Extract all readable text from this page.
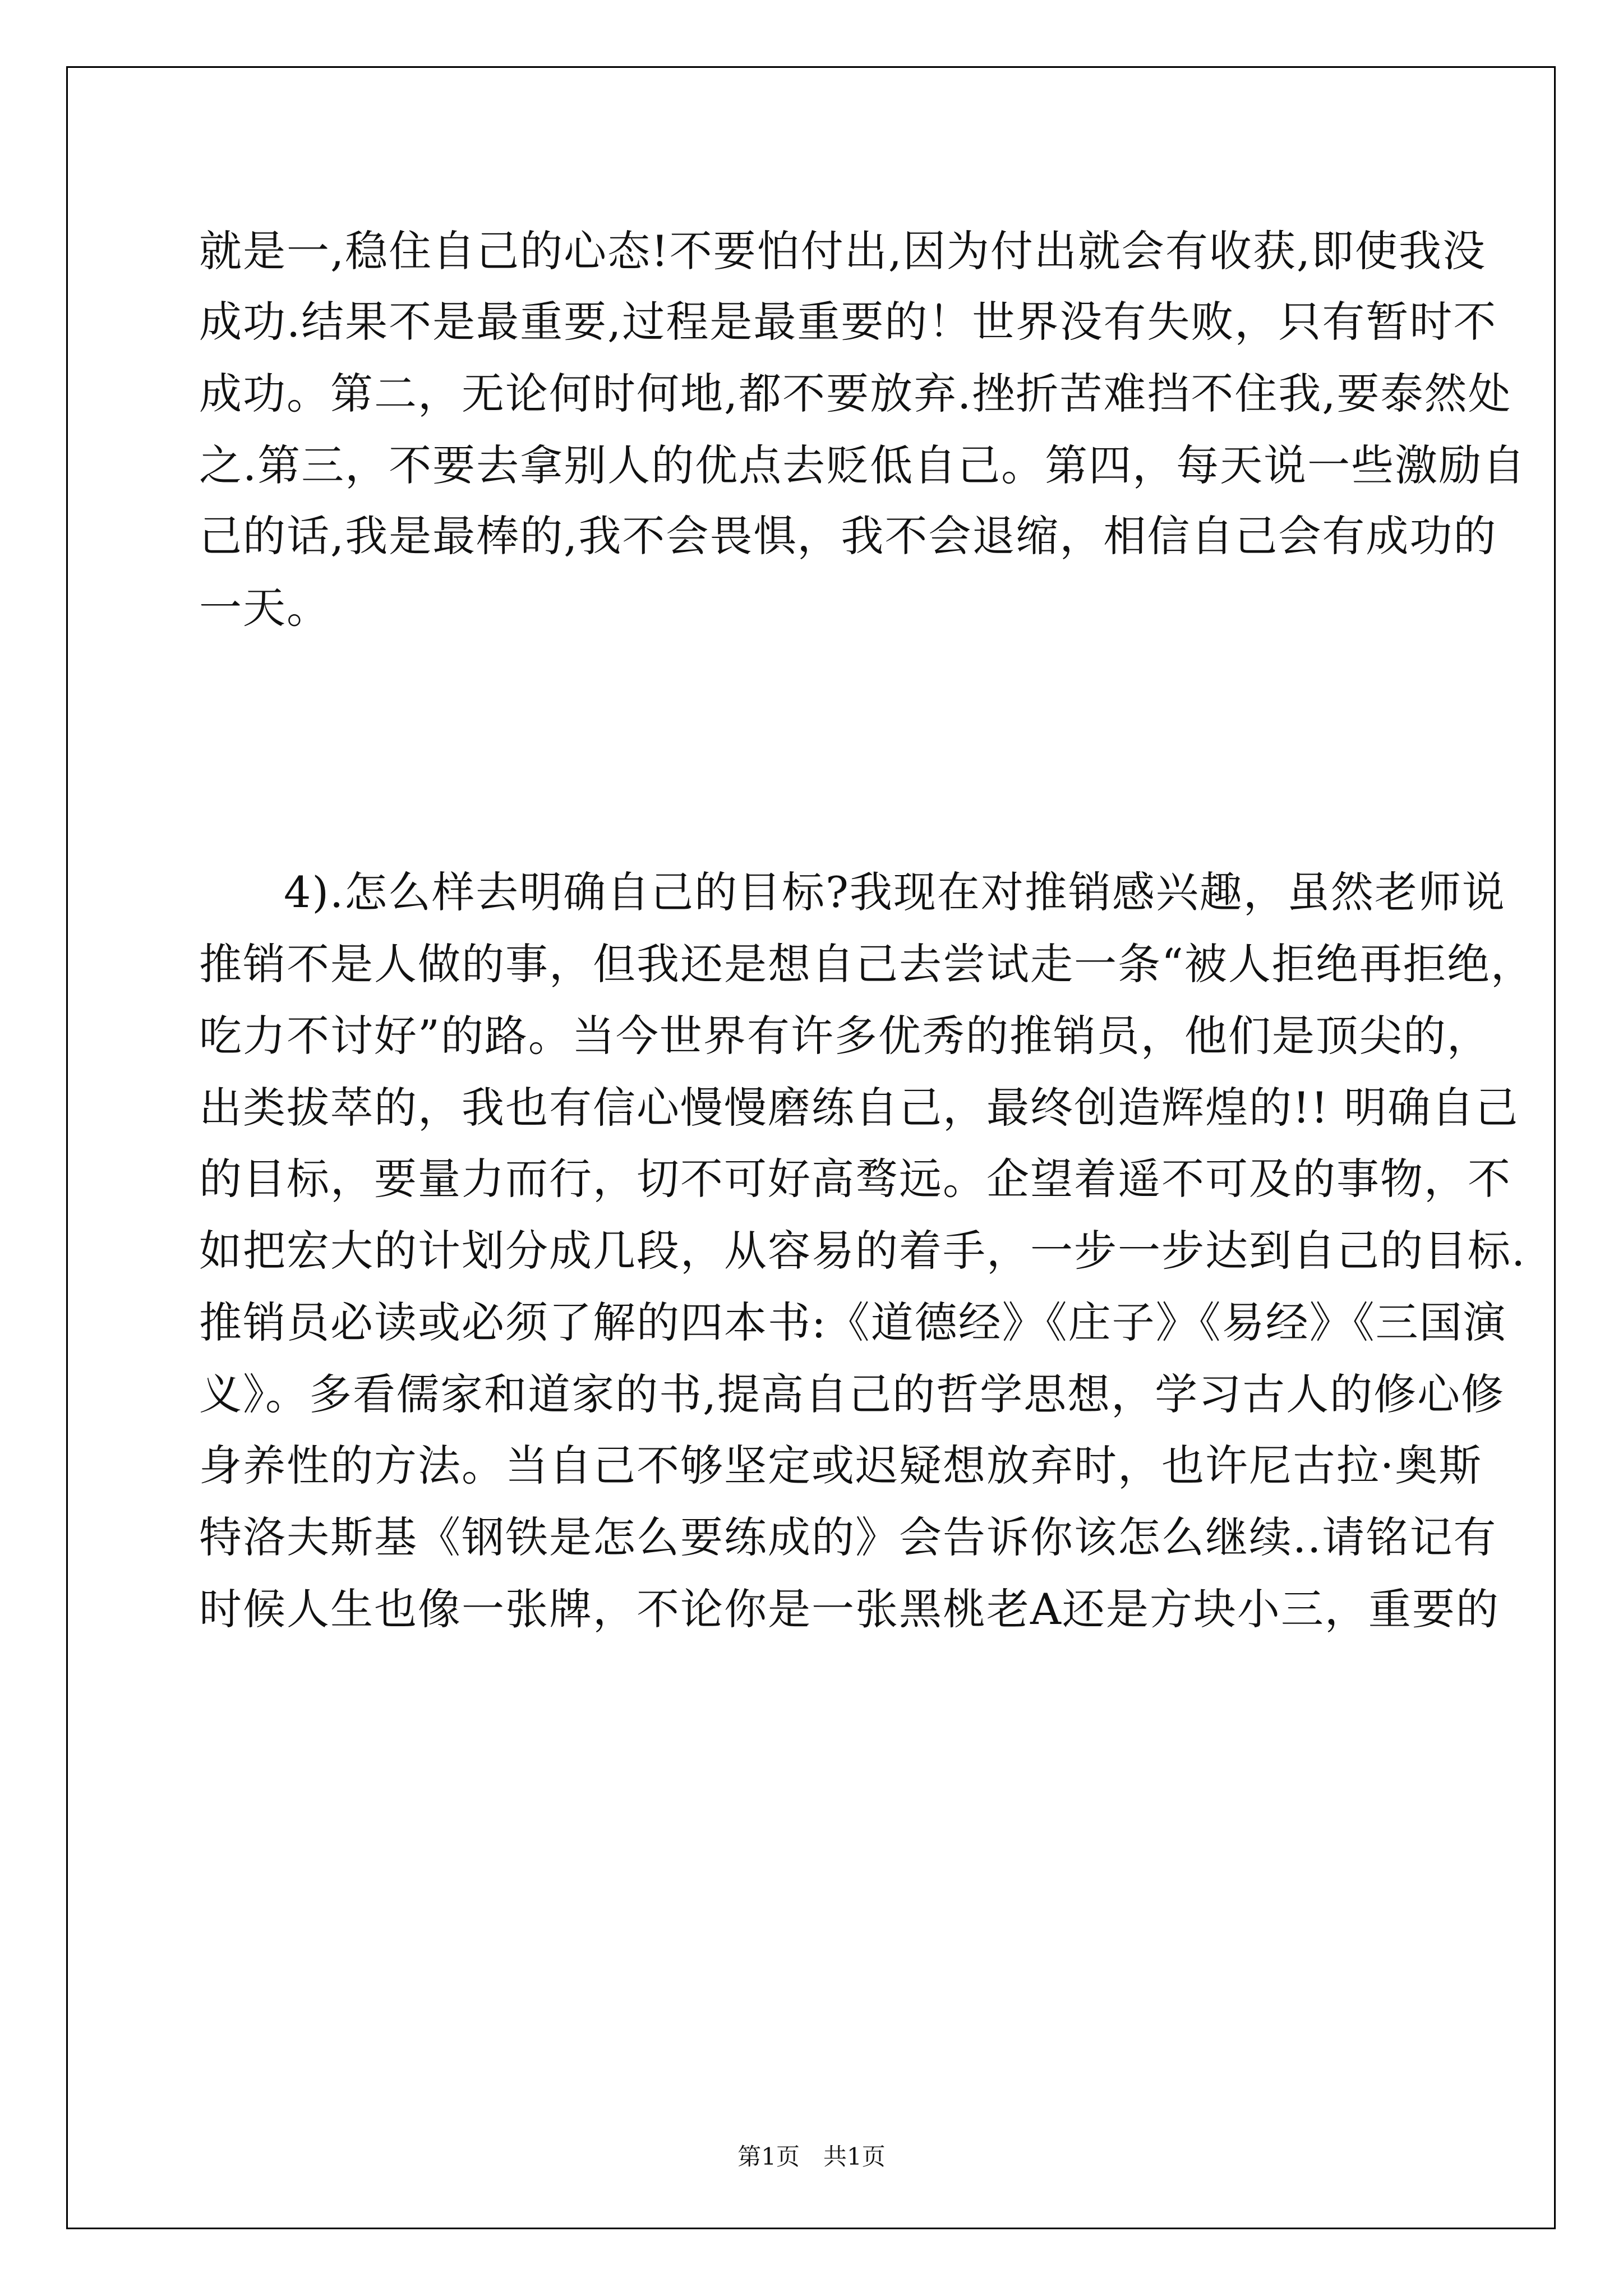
就是一,稳住自己的心态!不要怕付出,因为付出就会有收获,即使我没
成功.结果不是最重要,过程是最重要的！世界没有失败，只有暂时不
成功。第二，无论何时何地,都不要放弃.挫折苦难挡不住我,要泰然处
之.第三，不要去拿别人的优点去贬低自己。第四，每天说一些激励自
己的话,我是最棒的,我不会畏惧，我不会退缩，相信自己会有成功的
一天。
4).怎么样去明确自己的目标?我现在对推销感兴趣，虽然老师说
推销不是人做的事，但我还是想自己去尝试走一条“被人拒绝再拒绝，
吃力不讨好”的路。当今世界有许多优秀的推销员，他们是顶尖的，
出类拔萃的，我也有信心慢慢磨练自己，最终创造辉煌的!! 明确自己
的目标，要量力而行，切不可好高骛远。企望着遥不可及的事物，不
如把宏大的计划分成几段，从容易的着手，一步一步达到自己的目标.
推销员必读或必须了解的四本书:《道德经》《庄子》《易经》《三国演
义》。多看儒家和道家的书,提高自己的哲学思想，学习古人的修心修
身养性的方法。当自己不够坚定或迟疑想放弃时，也许尼古拉·奥斯
特洛夫斯基《钢铁是怎么要练成的》会告诉你该怎么继续..请铭记有
时候人生也像一张牌，不论你是一张黑桃老A还是方块小三，重要的
第1页　共1页
